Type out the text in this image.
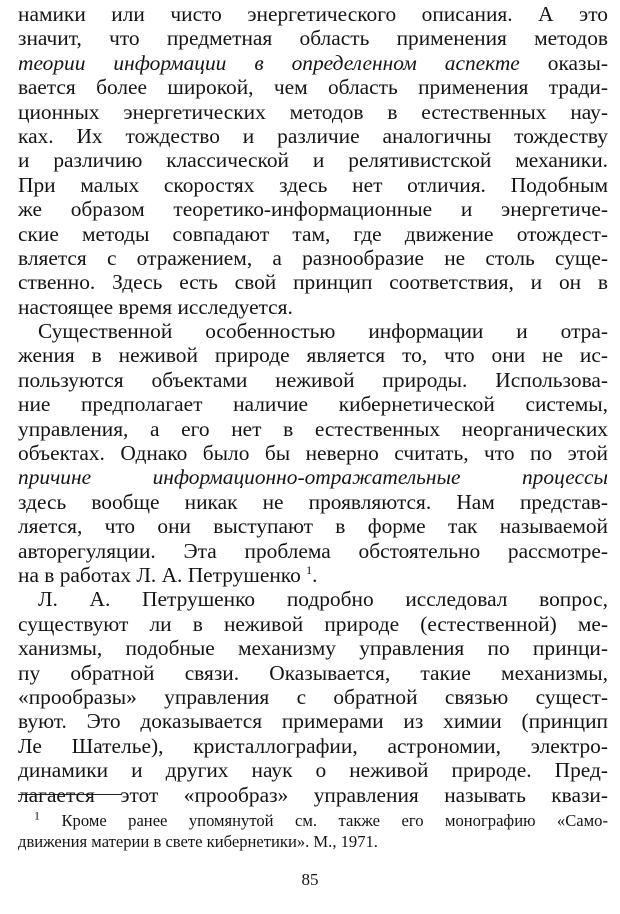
намики или чисто энергетического описания. А это
значит, что предметная область применения методов
теории информации в определенном аспекте оказы-
вается более широкой, чем область применения тради-
ционных энергетических методов в естественных нау-
ках. Их тождество и различие аналогичны тождеству
и различию классической и релятивистской механики.
При малых скоростях здесь нет отличия. Подобным
же образом теоретико-информационные и энергетиче-
ские методы совпадают там, где движение отождест-
вляется с отражением, а разнообразие не столь суще-
ственно. Здесь есть свой принцип соответствия, и он в
настоящее время исследуется.
Существенной особенностью информации и отра-
жения в неживой природе является то, что они не ис-
пользуются объектами неживой природы. Использова-
ние предполагает наличие кибернетической системы,
управления, а его нет в естественных неорганических
объектах. Однако было бы неверно считать, что по этой
причине информационно-отражательные процессы
здесь вообще никак не проявляются. Нам представ-
ляется, что они выступают в форме так называемой
авторегуляции. Эта проблема обстоятельно рассмотре-
на в работах Л. А. Петрушенко $^1$.
Л. А. Петрушенко подробно исследовал вопрос,
существуют ли в неживой природе (естественной) ме-
ханизмы, подобные механизму управления по принци-
пу обратной связи. Оказывается, такие механизмы,
«прообразы» управления с обратной связью сущест-
вуют. Это доказывается примерами из химии (принцип
Ле Шателье), кристаллографии, астрономии, электро-
динамики и других наук о неживой природе. Пред-
лагается этот «прообраз» управления называть квази-
$^1$ Кроме ранее упомянутой см. также его монографию «Само-
движения материи в свете кибернетики». М., 1971.
85
